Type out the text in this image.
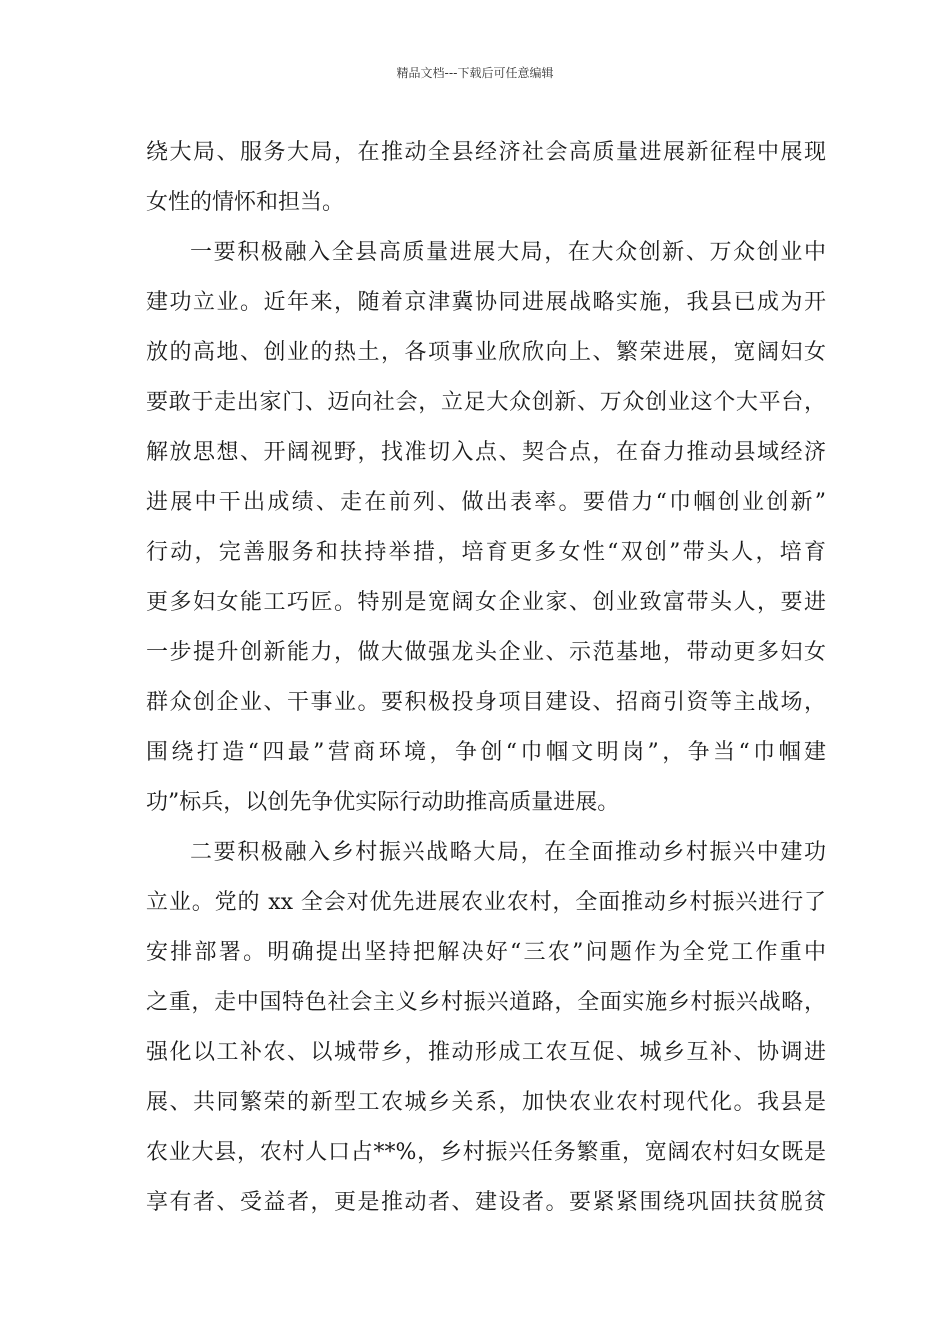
精品文档---下载后可任意编辑
绕大局、服务大局，在推动全县经济社会高质量进展新征程中展现
女性的情怀和担当。
一要积极融入全县高质量进展大局，在大众创新、万众创业中
建功立业。近年来，随着京津冀协同进展战略实施，我县已成为开
放的高地、创业的热土，各项事业欣欣向上、繁荣进展，宽阔妇女
要敢于走出家门、迈向社会，立足大众创新、万众创业这个大平台，
解放思想、开阔视野，找准切入点、契合点，在奋力推动县域经济
进展中干出成绩、走在前列、做出表率。要借力“巾帼创业创新”
行动，完善服务和扶持举措，培育更多女性“双创”带头人，培育
更多妇女能工巧匠。特别是宽阔女企业家、创业致富带头人，要进
一步提升创新能力，做大做强龙头企业、示范基地，带动更多妇女
群众创企业、干事业。要积极投身项目建设、招商引资等主战场，
围绕打造“四最”营商环境，争创“巾帼文明岗”，争当“巾帼建
功”标兵，以创先争优实际行动助推高质量进展。
二要积极融入乡村振兴战略大局，在全面推动乡村振兴中建功
立业。党的 xx 全会对优先进展农业农村，全面推动乡村振兴进行了
安排部署。明确提出坚持把解决好“三农”问题作为全党工作重中
之重，走中国特色社会主义乡村振兴道路，全面实施乡村振兴战略，
强化以工补农、以城带乡，推动形成工农互促、城乡互补、协调进
展、共同繁荣的新型工农城乡关系，加快农业农村现代化。我县是
农业大县，农村人口占**%，乡村振兴任务繁重，宽阔农村妇女既是
享有者、受益者，更是推动者、建设者。要紧紧围绕巩固扶贫脱贫
